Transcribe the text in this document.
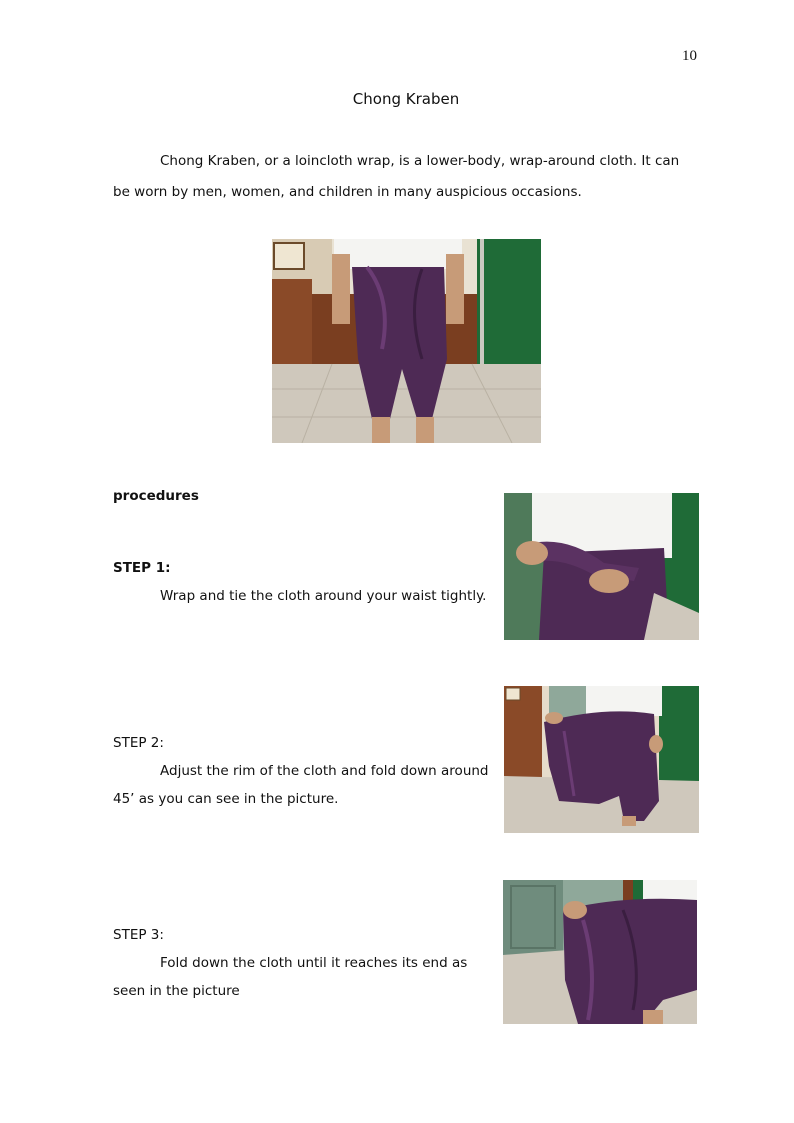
10
Chong Kraben
Chong Kraben, or a loincloth wrap, is a lower-body, wrap-around cloth. It can be worn by men, women, and children in many auspicious occasions.
procedures
STEP 1:
Wrap and tie the cloth around your waist tightly.
STEP 2:
Adjust the rim of the cloth and fold down around 45’ as you can see in the picture.
STEP 3:
Fold down the cloth until it reaches its end as seen in the picture
